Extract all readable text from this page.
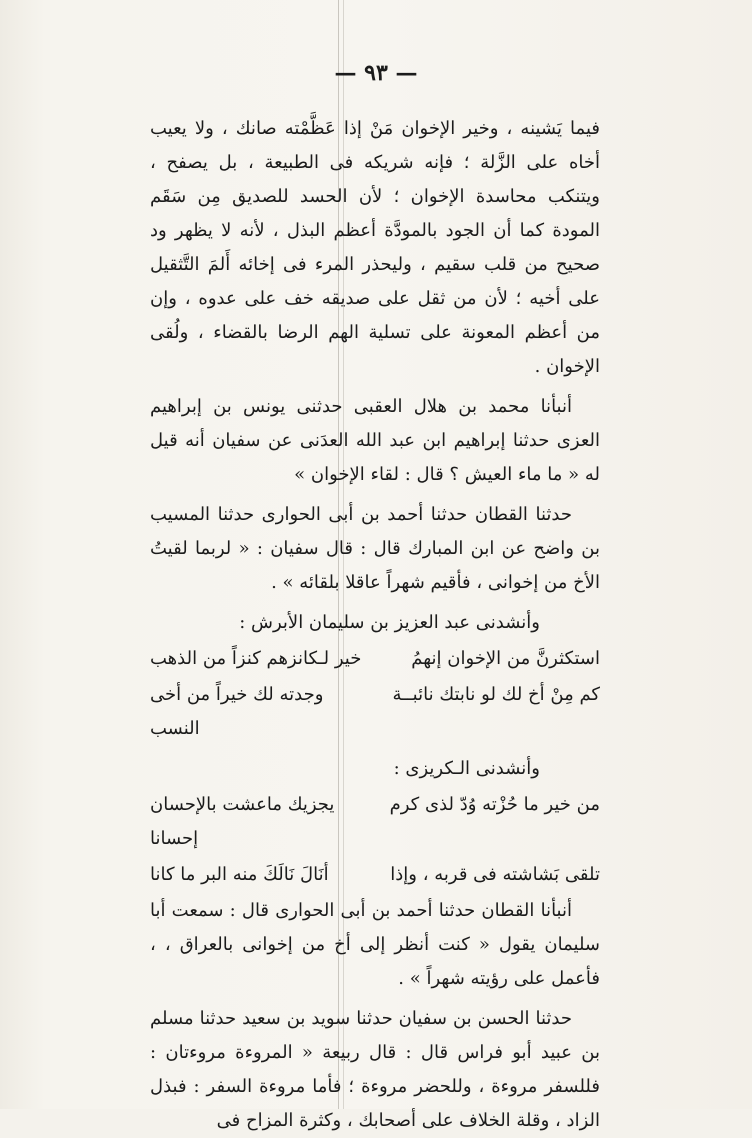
— ٩٣ —

فيما يَشينه ، وخير الإخوان مَنْ إذا عَظَّمْته صانك ، ولا يعيب أخاه على الزَّلة ؛ فإنه شريكه فى الطبيعة ، بل يصفح ، ويتنكب محاسدة الإخوان ؛ لأن الحسد للصديق مِن سَقَم المودة كما أن الجود بالمودَّة أعظم البذل ، لأنه لا يظهر ود صحيح من قلب سقيم ، وليحذر المرء فى إخائه أَلمَ التَّثقيل على أخيه ؛ لأن من ثقل على صديقه خف على عدوه ، وإن من أعظم المعونة على تسلية الهم الرضا بالقضاء ، ولُقى الإخوان .

أنبأنا محمد بن هلال العقبى حدثنى يونس بن إبراهيم العزى حدثنا إبراهيم ابن عبد الله العدَنى عن سفيان أنه قيل له « ما ماء العيش ؟ قال : لقاء الإخوان »

حدثنا القطان حدثنا أحمد بن أبى الحوارى حدثنا المسيب بن واضح عن ابن المبارك قال : قال سفيان : « لربما لقيتُ الأخ من إخوانى ، فأقيم شهراً عاقلا بلقائه » .

وأنشدنى عبد العزيز بن سليمان الأبرش :

استكثرنَّ من الإخوان إنهمُ
خير لـكانزهم كنزاً من الذهب
كم مِنْ أخ لك لو نابتك نائبــة
وجدته لك خيراً من أخى النسب

وأنشدنى الـكريزى :

من خير ما حُزْته وُدّ لذى كرم
يجزيك ماعشت بالإحسان إحسانا
تلقى بَشاشته فى قربه ، وإذا
أنَالَ نَالَكَ منه البر ما كانا

أنبأنا القطان حدثنا أحمد بن أبى الحوارى قال : سمعت أبا سليمان يقول « كنت أنظر إلى أخ من إخوانى بالعراق ، ، فأعمل على رؤيته شهراً » .

حدثنا الحسن بن سفيان حدثنا سويد بن سعيد حدثنا مسلم بن عبيد أبو فراس قال : قال ربيعة « المروءة مروءتان : فللسفر مروءة ، وللحضر مروءة ؛ فأما مروءة السفر : فبذل الزاد ، وقلة الخلاف على أصحابك ، وكثرة المزاح فى
